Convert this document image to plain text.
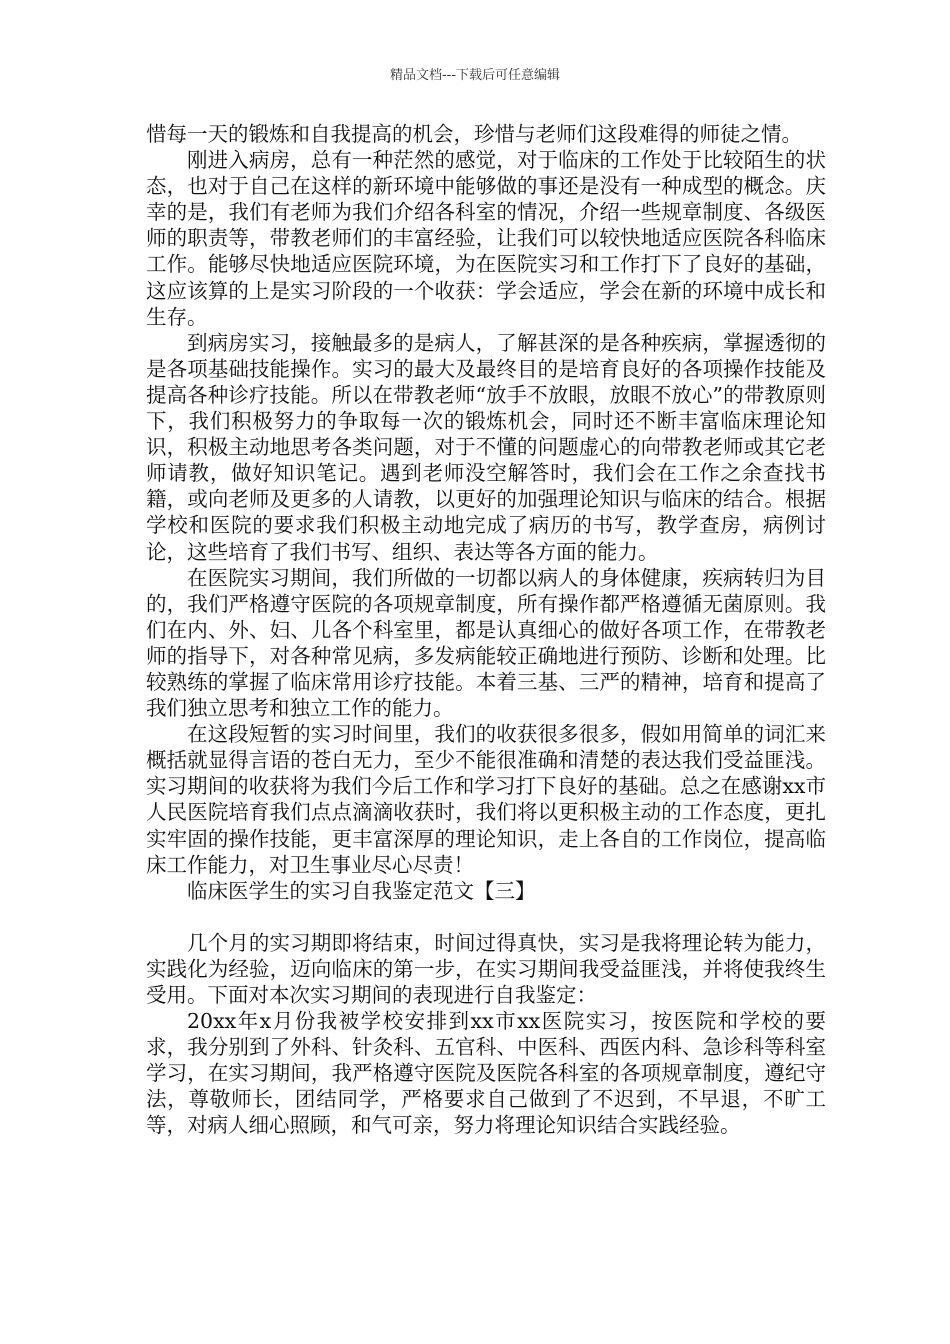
精品文档---下载后可任意编辑

惜每一天的锻炼和自我提高的机会，珍惜与老师们这段难得的师徒之情。

刚进入病房，总有一种茫然的感觉，对于临床的工作处于比较陌生的状态，也对于自己在这样的新环境中能够做的事还是没有一种成型的概念。庆幸的是，我们有老师为我们介绍各科室的情况，介绍一些规章制度、各级医师的职责等，带教老师们的丰富经验，让我们可以较快地适应医院各科临床工作。能够尽快地适应医院环境，为在医院实习和工作打下了良好的基础，这应该算的上是实习阶段的一个收获：学会适应，学会在新的环境中成长和生存。

到病房实习，接触最多的是病人，了解甚深的是各种疾病，掌握透彻的是各项基础技能操作。实习的最大及最终目的是培育良好的各项操作技能及提高各种诊疗技能。所以在带教老师“放手不放眼，放眼不放心”的带教原则下，我们积极努力的争取每一次的锻炼机会，同时还不断丰富临床理论知识，积极主动地思考各类问题，对于不懂的问题虚心的向带教老师或其它老师请教，做好知识笔记。遇到老师没空解答时，我们会在工作之余查找书籍，或向老师及更多的人请教，以更好的加强理论知识与临床的结合。根据学校和医院的要求我们积极主动地完成了病历的书写，教学查房，病例讨论，这些培育了我们书写、组织、表达等各方面的能力。

在医院实习期间，我们所做的一切都以病人的身体健康，疾病转归为目的，我们严格遵守医院的各项规章制度，所有操作都严格遵循无菌原则。我们在内、外、妇、儿各个科室里，都是认真细心的做好各项工作，在带教老师的指导下，对各种常见病，多发病能较正确地进行预防、诊断和处理。比较熟练的掌握了临床常用诊疗技能。本着三基、三严的精神，培育和提高了我们独立思考和独立工作的能力。

在这段短暂的实习时间里，我们的收获很多很多，假如用简单的词汇来概括就显得言语的苍白无力，至少不能很准确和清楚的表达我们受益匪浅。实习期间的收获将为我们今后工作和学习打下良好的基础。总之在感谢xx市人民医院培育我们点点滴滴收获时，我们将以更积极主动的工作态度，更扎实牢固的操作技能，更丰富深厚的理论知识，走上各自的工作岗位，提高临床工作能力，对卫生事业尽心尽责！

临床医学生的实习自我鉴定范文【三】

几个月的实习期即将结束，时间过得真快，实习是我将理论转为能力，实践化为经验，迈向临床的第一步，在实习期间我受益匪浅，并将使我终生受用。下面对本次实习期间的表现进行自我鉴定：

20xx年x月份我被学校安排到xx市xx医院实习，按医院和学校的要求，我分别到了外科、针灸科、五官科、中医科、西医内科、急诊科等科室学习，在实习期间，我严格遵守医院及医院各科室的各项规章制度，遵纪守法，尊敬师长，团结同学，严格要求自己做到了不迟到，不早退，不旷工等，对病人细心照顾，和气可亲，努力将理论知识结合实践经验。
